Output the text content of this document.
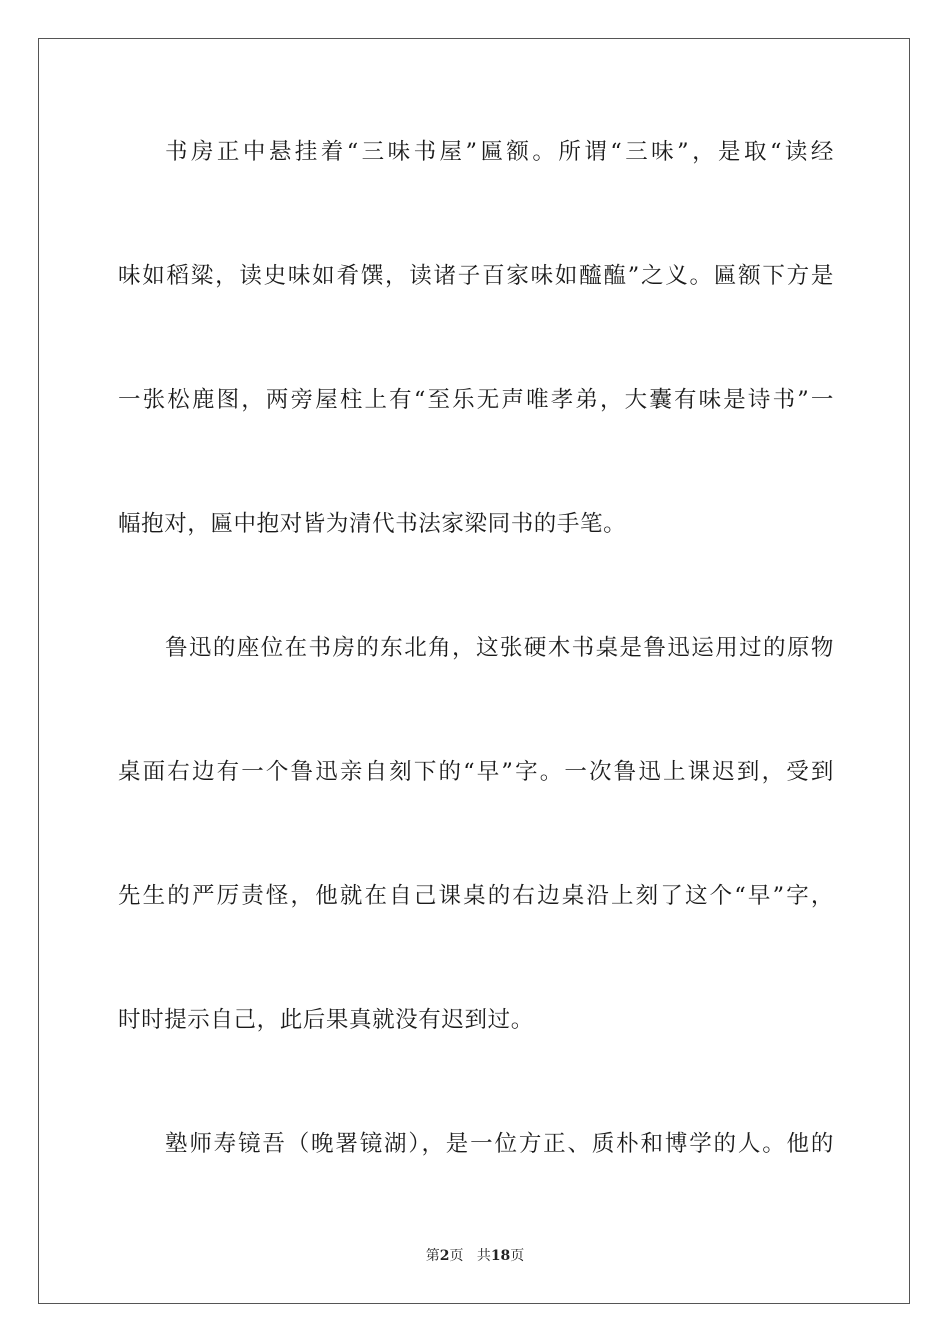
书房正中悬挂着“三味书屋”匾额。所谓“三味”，是取“读经
味如稻粱，读史味如肴馔，读诸子百家味如醯醢”之义。匾额下方是
一张松鹿图，两旁屋柱上有“至乐无声唯孝弟，大囊有味是诗书”一
幅抱对，匾中抱对皆为清代书法家梁同书的手笔。
鲁迅的座位在书房的东北角，这张硬木书桌是鲁迅运用过的原物
桌面右边有一个鲁迅亲自刻下的“早”字。一次鲁迅上课迟到，受到
先生的严厉责怪，他就在自己课桌的右边桌沿上刻了这个“早”字，
时时提示自己，此后果真就没有迟到过。
塾师寿镜吾（晚署镜湖），是一位方正、质朴和博学的人。他的
第2页 共18页
